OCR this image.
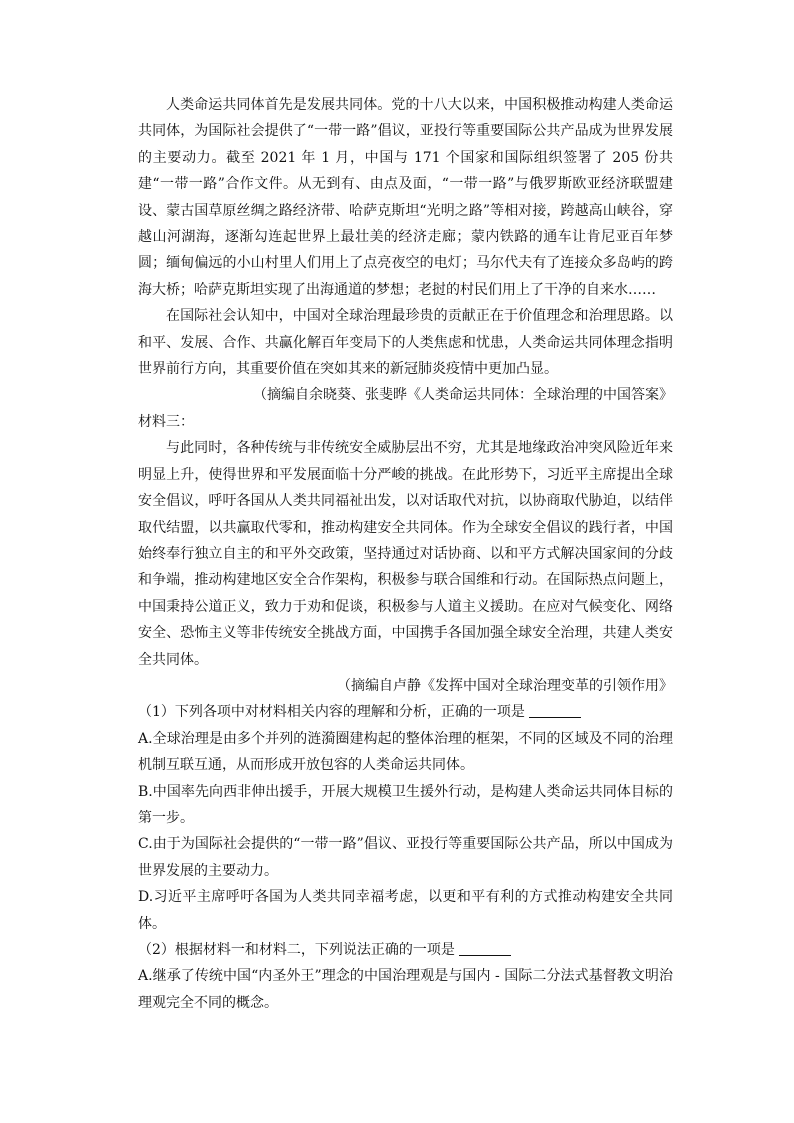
人类命运共同体首先是发展共同体。党的十八大以来，中国积极推动构建人类命运共同体，为国际社会提供了“一带一路”倡议，亚投行等重要国际公共产品成为世界发展的主要动力。截至 2021 年 1 月，中国与 171 个国家和国际组织签署了 205 份共建“一带一路”合作文件。从无到有、由点及面，“一带一路”与俄罗斯欧亚经济联盟建设、蒙古国草原丝绸之路经济带、哈萨克斯坦“光明之路”等相对接，跨越高山峡谷，穿越山河湖海，逐渐勾连起世界上最壮美的经济走廊；蒙内铁路的通车让肯尼亚百年梦圆；缅甸偏远的小山村里人们用上了点亮夜空的电灯；马尔代夫有了连接众多岛屿的跨海大桥；哈萨克斯坦实现了出海通道的梦想；老挝的村民们用上了干净的自来水……

在国际社会认知中，中国对全球治理最珍贵的贡献正在于价值理念和治理思路。以和平、发展、合作、共赢化解百年变局下的人类焦虑和忧患，人类命运共同体理念指明世界前行方向，其重要价值在突如其来的新冠肺炎疫情中更加凸显。

（摘编自余晓葵、张斐晔《人类命运共同体：全球治理的中国答案》

材料三：

与此同时，各种传统与非传统安全威胁层出不穷，尤其是地缘政治冲突风险近年来明显上升，使得世界和平发展面临十分严峻的挑战。在此形势下，习近平主席提出全球安全倡议，呼吁各国从人类共同福祉出发，以对话取代对抗，以协商取代胁迫，以结伴取代结盟，以共赢取代零和，推动构建安全共同体。作为全球安全倡议的践行者，中国始终奉行独立自主的和平外交政策，坚持通过对话协商、以和平方式解决国家间的分歧和争端，推动构建地区安全合作架构，积极参与联合国维和行动。在国际热点问题上，中国秉持公道正义，致力于劝和促谈，积极参与人道主义援助。在应对气候变化、网络安全、恐怖主义等非传统安全挑战方面，中国携手各国加强全球安全治理，共建人类安全共同体。

（摘编自卢静《发挥中国对全球治理变革的引领作用》

（1）下列各项中对材料相关内容的理解和分析，正确的一项是

A.全球治理是由多个并列的涟漪圈建构起的整体治理的框架，不同的区域及不同的治理机制互联互通，从而形成开放包容的人类命运共同体。

B.中国率先向西非伸出援手，开展大规模卫生援外行动，是构建人类命运共同体目标的第一步。

C.由于为国际社会提供的“一带一路”倡议、亚投行等重要国际公共产品，所以中国成为世界发展的主要动力。

D.习近平主席呼吁各国为人类共同幸福考虑，以更和平有利的方式推动构建安全共同体。

（2）根据材料一和材料二，下列说法正确的一项是

A.继承了传统中国“内圣外王”理念的中国治理观是与国内 - 国际二分法式基督教文明治理观完全不同的概念。
